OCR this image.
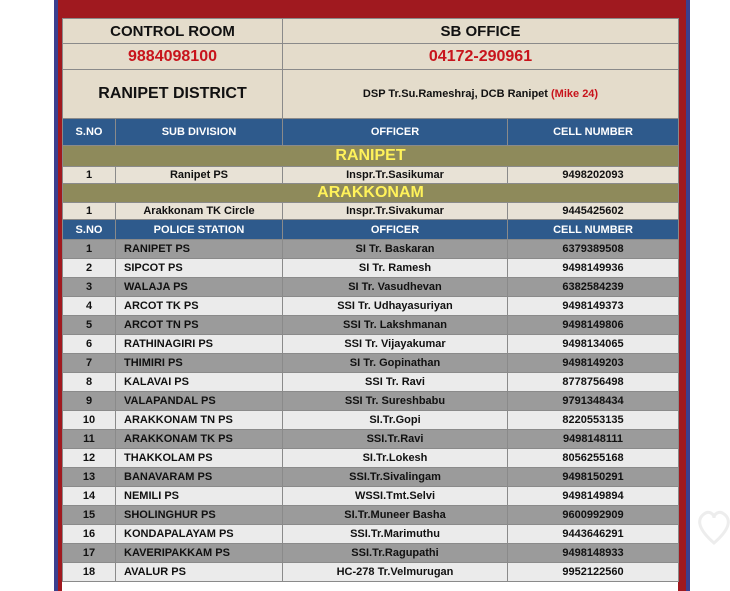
CONTROL ROOM		SB OFFICE	
9884098100		04172-290961	
RANIPET DISTRICT		DSP Tr.Su.Rameshraj, DCB Ranipet (Mike 24)	
S.NO	SUB DIVISION	OFFICER	CELL NUMBER
RANIPET			
1	Ranipet PS	Inspr.Tr.Sasikumar	9498202093
ARAKKONAM			
1	Arakkonam TK Circle	Inspr.Tr.Sivakumar	9445425602
S.NO	POLICE STATION	OFFICER	CELL NUMBER
1	RANIPET PS	SI Tr. Baskaran	6379389508
2	SIPCOT PS	SI Tr. Ramesh	9498149936
3	WALAJA PS	SI Tr. Vasudhevan	6382584239
4	ARCOT TK PS	SSI Tr. Udhayasuriyan	9498149373
5	ARCOT TN PS	SSI Tr. Lakshmanan	9498149806
6	RATHINAGIRI PS	SSI Tr. Vijayakumar	9498134065
7	THIMIRI PS	SI Tr. Gopinathan	9498149203
8	KALAVAI PS	SSI Tr. Ravi	8778756498
9	VALAPANDAL PS	SSI Tr. Sureshbabu	9791348434
10	ARAKKONAM TN PS	SI.Tr.Gopi	8220553135
11	ARAKKONAM TK PS	SSI.Tr.Ravi	9498148111
12	THAKKOLAM PS	SI.Tr.Lokesh	8056255168
13	BANAVARAM PS	SSI.Tr.Sivalingam	9498150291
14	NEMILI PS	WSSI.Tmt.Selvi	9498149894
15	SHOLINGHUR PS	SI.Tr.Muneer Basha	9600992909
16	KONDAPALAYAM PS	SSI.Tr.Marimuthu	9443646291
17	KAVERIPAKKAM PS	SSI.Tr.Ragupathi	9498148933
18	AVALUR PS	HC-278 Tr.Velmurugan	9952122560
